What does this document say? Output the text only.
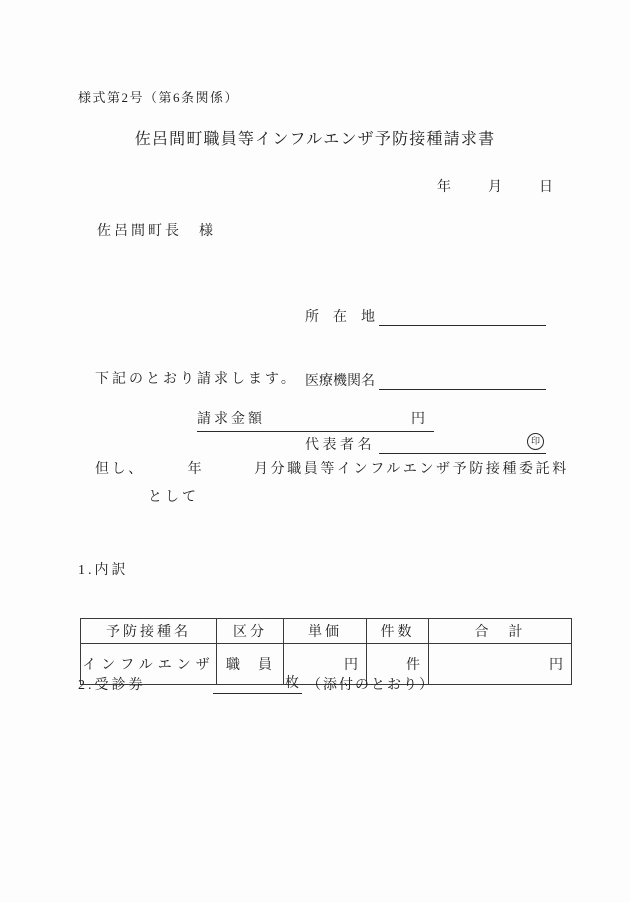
様式第2号（第6条関係）
佐呂間町職員等インフルエンザ予防接種請求書
年　　月　　日
佐呂間町長　様

所　在　地

医療機関名

代 表 者 名	印

下記のとおり請求します。
請求金額	円
但し、　　　年　　　月分職員等インフルエンザ予防接種委託料
として
1.内訳

予防接種名	区分	単価	件数	合　計
インフルエンザ	職　員	円	件	円

2.受診券	枚 （添付のとおり）
